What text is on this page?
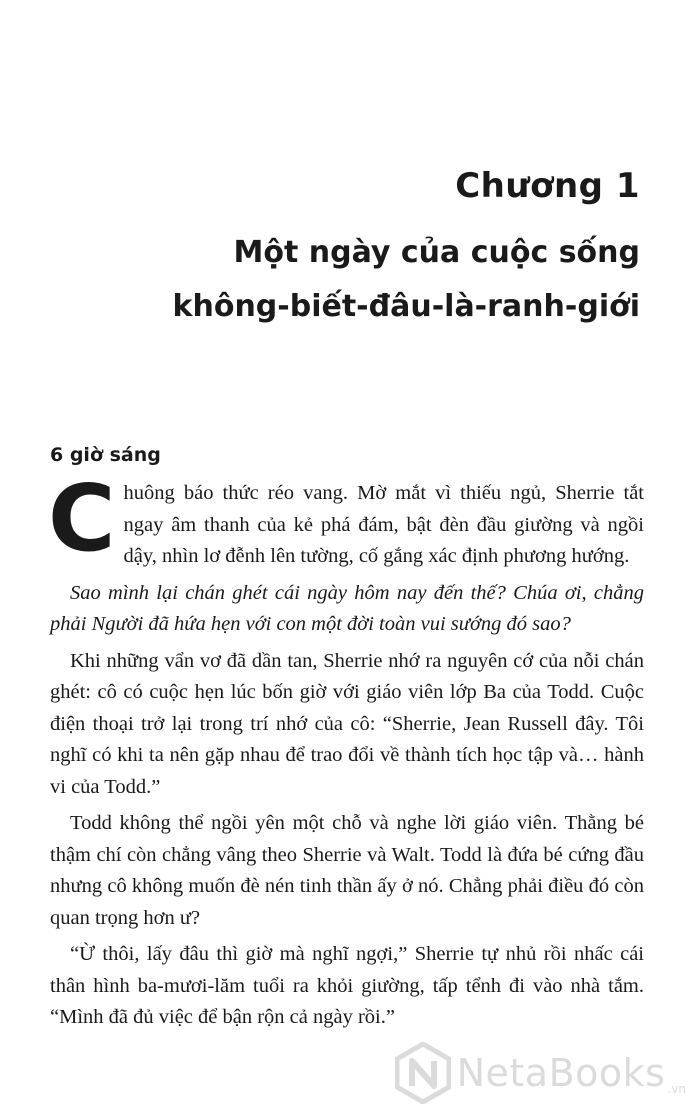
Chương 1
Một ngày của cuộc sống
không-biết-đâu-là-ranh-giới
6 giờ sáng

Chuông báo thức réo vang. Mờ mắt vì thiếu ngủ, Sherrie tắt ngay âm thanh của kẻ phá đám, bật đèn đầu giường và ngồi dậy, nhìn lơ đễnh lên tường, cố gắng xác định phương hướng.

Sao mình lại chán ghét cái ngày hôm nay đến thế? Chúa ơi, chẳng phải Người đã hứa hẹn với con một đời toàn vui sướng đó sao?

Khi những vẩn vơ đã dần tan, Sherrie nhớ ra nguyên cớ của nỗi chán ghét: cô có cuộc hẹn lúc bốn giờ với giáo viên lớp Ba của Todd. Cuộc điện thoại trở lại trong trí nhớ của cô: “Sherrie, Jean Russell đây. Tôi nghĩ có khi ta nên gặp nhau để trao đổi về thành tích học tập và… hành vi của Todd.”

Todd không thể ngồi yên một chỗ và nghe lời giáo viên. Thằng bé thậm chí còn chẳng vâng theo Sherrie và Walt. Todd là đứa bé cứng đầu nhưng cô không muốn đè nén tinh thần ấy ở nó. Chẳng phải điều đó còn quan trọng hơn ư?

“Ừ thôi, lấy đâu thì giờ mà nghĩ ngợi,” Sherrie tự nhủ rồi nhấc cái thân hình ba-mươi-lăm tuổi ra khỏi giường, tấp tểnh đi vào nhà tắm. “Mình đã đủ việc để bận rộn cả ngày rồi.”

NetaBooks .vn
